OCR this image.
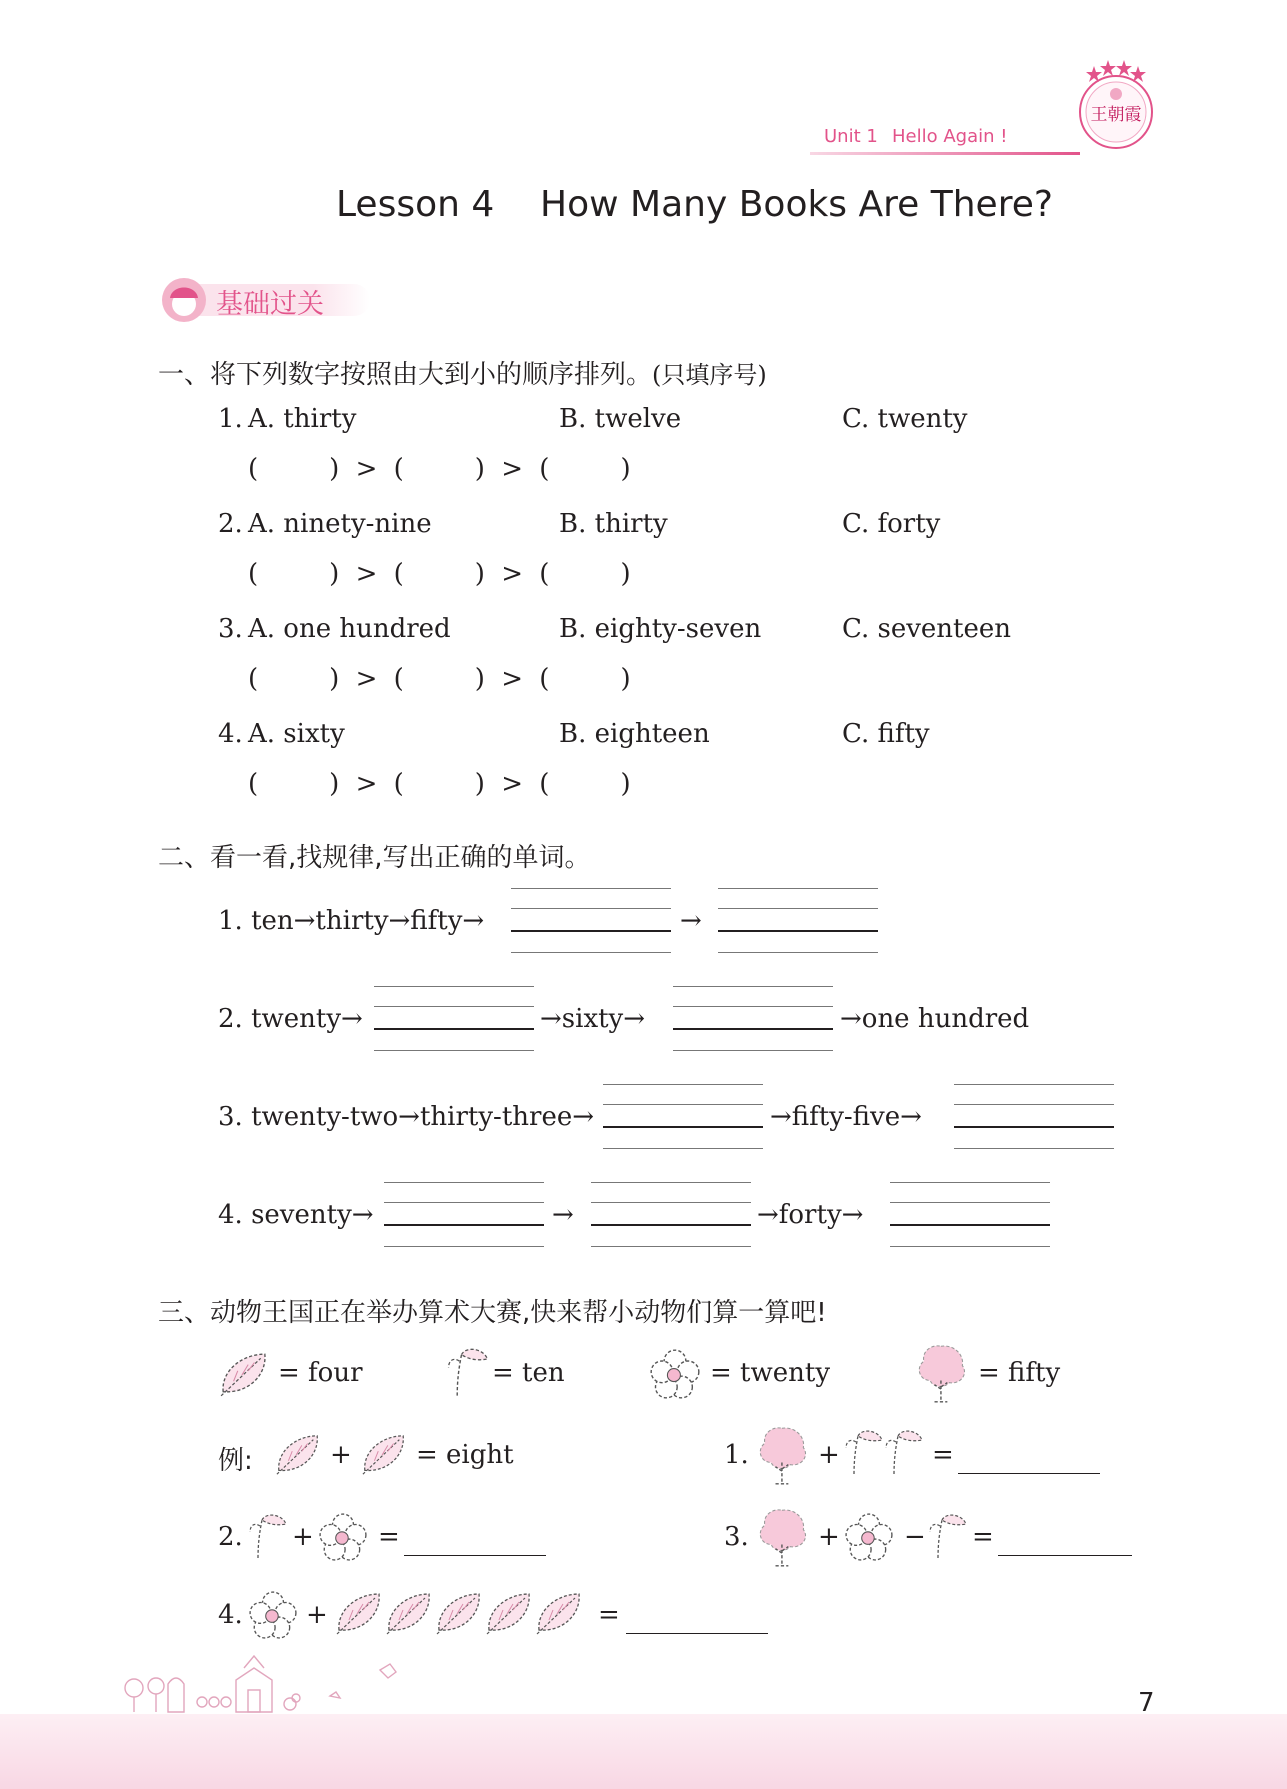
Unit 1 Hello Again !
王朝霞
Lesson 4    How Many Books Are There?
基础过关
一、将下列数字按照由大到小的顺序排列。(只填序号)
1. A. thirty	B. twelve	C. twenty
(	) > (	) > (	)
2. A. ninety-nine	B. thirty	C. forty
(	) > (	) > (	)
3. A. one hundred	B. eighty-seven	C. seventeen
(	) > (	) > (	)
4. A. sixty	B. eighteen	C. fifty
(	) > (	) > (	)
二、看一看,找规律,写出正确的单词。
1. ten→thirty→fifty→	→
2. twenty→	→sixty→	→one hundred
3. twenty-two→thirty-three→	→fifty-five→
4. seventy→	→	→forty→
三、动物王国正在举办算术大赛,快来帮小动物们算一算吧!
= four	= ten	= twenty	= fifty
例:	+ = eight	1.	+	=
2. + =	3.	+ − =
4. +	=
7
